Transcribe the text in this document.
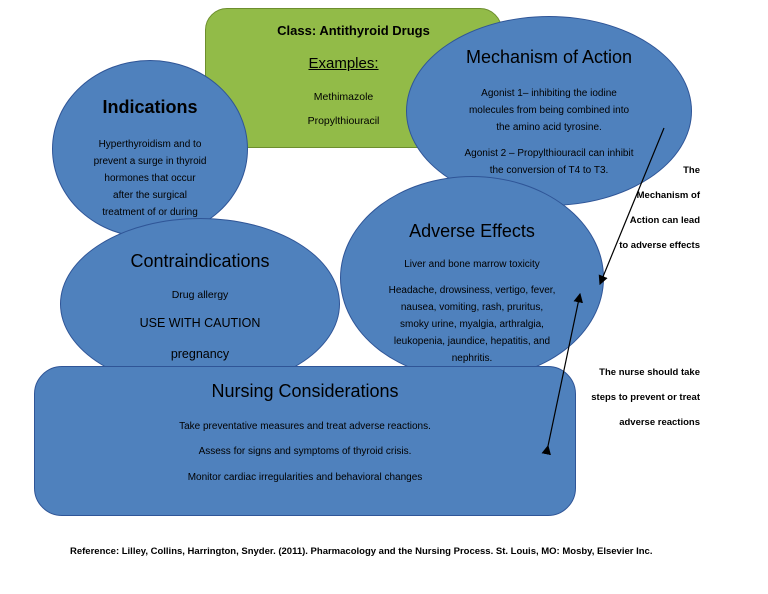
Class: Antithyroid Drugs
Examples:
Methimazole
Propylthiouracil
Mechanism of Action
Agonist 1– inhibiting the iodine
molecules from being combined into
the amino acid tyrosine.
Agonist 2 – Propylthiouracil can inhibit
the conversion of T4 to T3.
Indications
Hyperthyroidism and to
prevent a surge in thyroid
hormones that occur
after the surgical
treatment of or during
Adverse Effects
Liver and bone marrow toxicity
Headache, drowsiness, vertigo, fever,
nausea, vomiting, rash, pruritus,
smoky urine, myalgia, arthralgia,
leukopenia, jaundice, hepatitis, and
nephritis.
Contraindications
Drug allergy
USE WITH CAUTION
pregnancy
Nursing Considerations
Take preventative measures and treat adverse reactions.
Assess for signs and symptoms of thyroid crisis.
Monitor cardiac irregularities and behavioral changes
The
Mechanism of
Action can lead
to adverse effects
The nurse should take
steps to prevent or treat
adverse reactions
Reference: Lilley, Collins, Harrington, Snyder. (2011). Pharmacology and the Nursing Process. St. Louis, MO: Mosby, Elsevier Inc.
